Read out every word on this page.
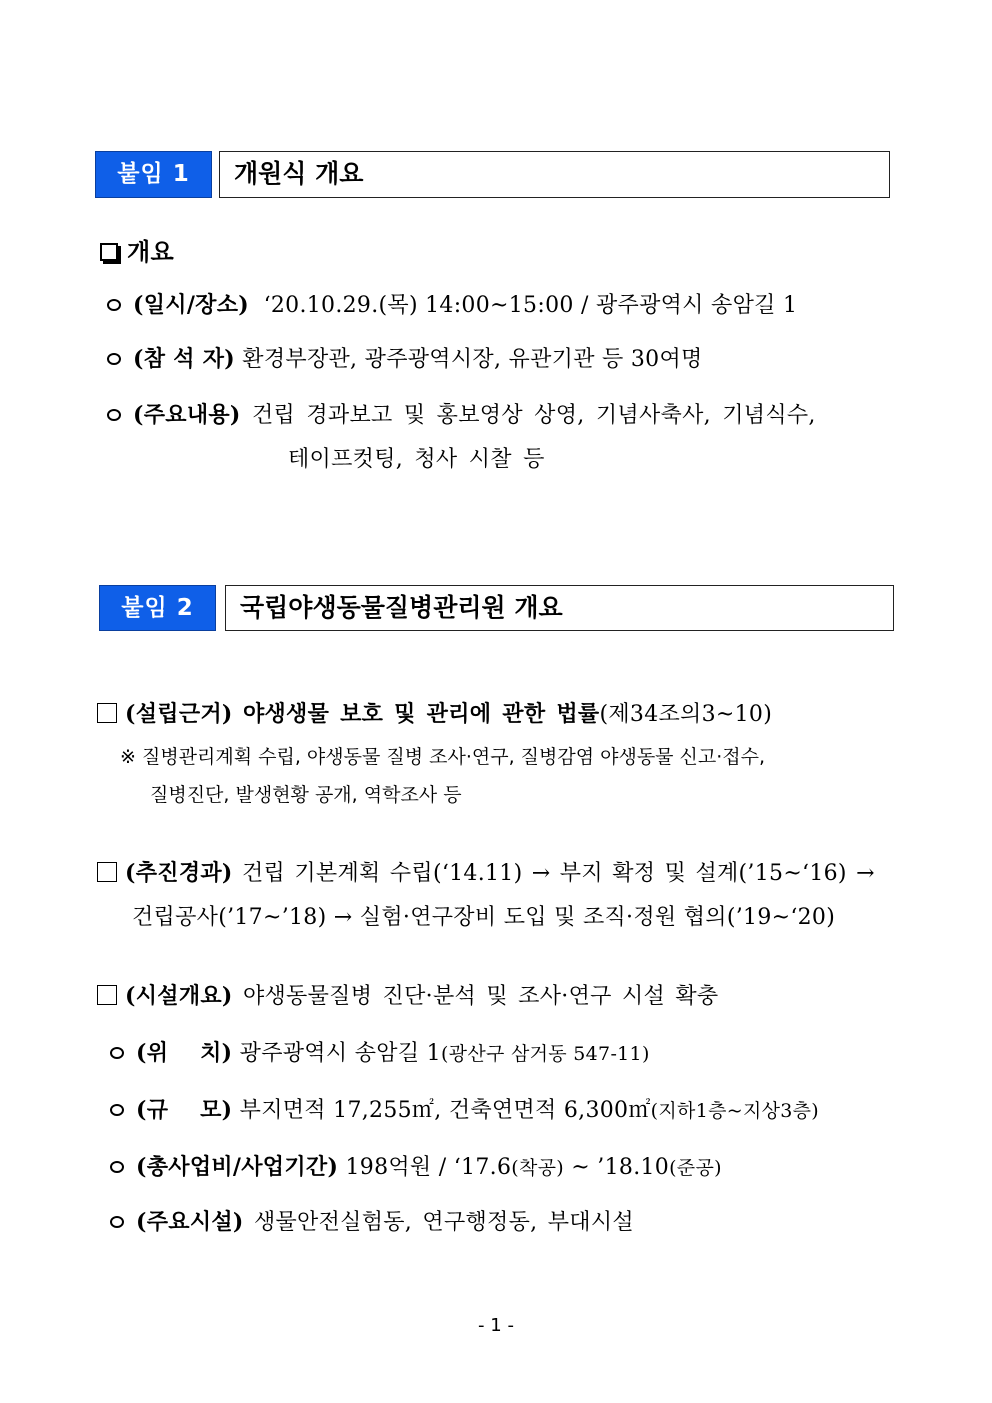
붙임 1	개원식 개요
개요
(일시/장소) ‘20.10.29.(목) 14:00~15:00 / 광주광역시 송암길 1
(참 석 자) 환경부장관, 광주광역시장, 유관기관 등 30여명
(주요내용) 건립 경과보고 및 홍보영상 상영, 기념사축사, 기념식수,
테이프컷팅, 청사 시찰 등
붙임 2	국립야생동물질병관리원 개요
(설립근거) 야생생물 보호 및 관리에 관한 법률(제34조의3~10)
※ 질병관리계획 수립, 야생동물 질병 조사·연구, 질병감염 야생동물 신고·접수,
질병진단, 발생현황 공개, 역학조사 등
(추진경과) 건립 기본계획 수립(‘14.11) → 부지 확정 및 설계(’15~‘16) →
건립공사(’17~’18) → 실험·연구장비 도입 및 조직·정원 협의(’19~‘20)
(시설개요) 야생동물질병 진단·분석 및 조사·연구 시설 확충
(위    치) 광주광역시 송암길 1(광산구 삼거동 547-11)
(규    모) 부지면적 17,255㎡, 건축연면적 6,300㎡(지하1층~지상3층)
(총사업비/사업기간) 198억원 / ‘17.6(착공) ~ ’18.10(준공)
(주요시설) 생물안전실험동, 연구행정동, 부대시설
- 1 -
